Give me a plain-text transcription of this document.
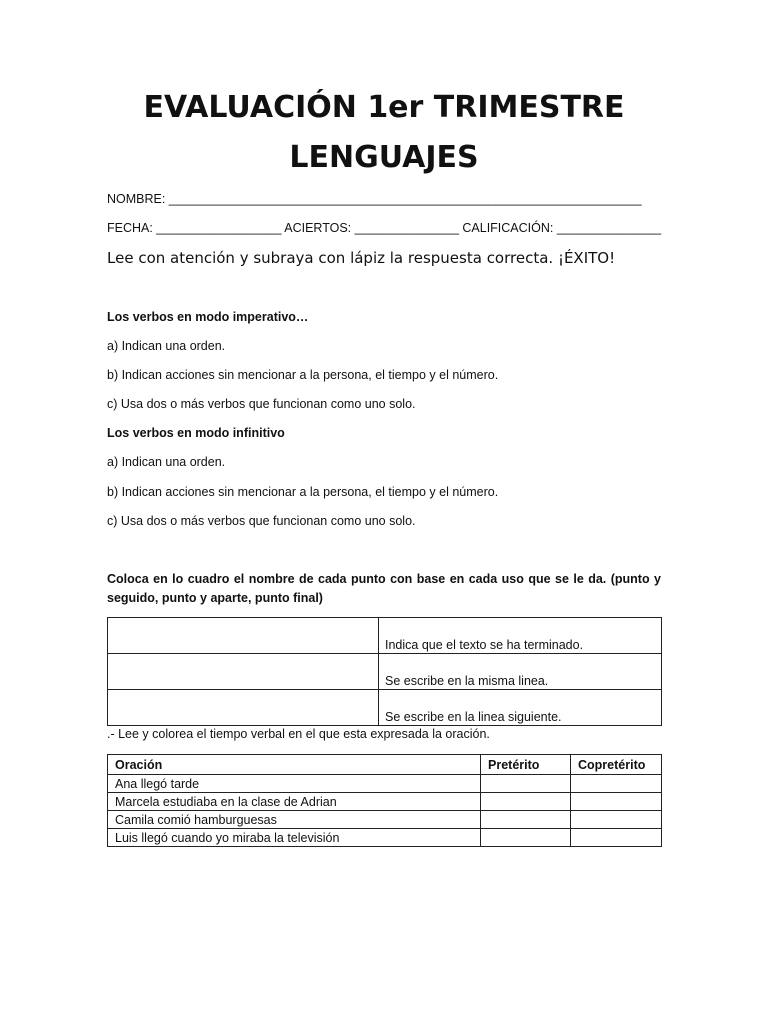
EVALUACIÓN 1er TRIMESTRE
LENGUAJES
NOMBRE: ____________________________________________________________________
FECHA: __________________ ACIERTOS: _______________ CALIFICACIÓN: _______________
Lee con atención y subraya con lápiz la respuesta correcta. ¡ÉXITO!
Los verbos en modo imperativo…
a) Indican una orden.
b) Indican acciones sin mencionar a la persona, el tiempo y el número.
c) Usa dos o más verbos que funcionan como uno solo.
Los verbos en modo infinitivo
a) Indican una orden.
b) Indican acciones sin mencionar a la persona, el tiempo y el número.
c) Usa dos o más verbos que funcionan como uno solo.
Coloca en lo cuadro el nombre de cada punto con base en cada uso que se le da. (punto y seguido, punto y aparte, punto final)
	Indica que el texto se ha terminado.
	Se escribe en la misma linea.
	Se escribe en la linea siguiente.
.- Lee y colorea el tiempo verbal en el que esta expresada la oración.
Oración	Pretérito	Copretérito
Ana llegó tarde		
Marcela estudiaba en la clase de Adrian		
Camila comió hamburguesas		
Luis llegó cuando yo miraba la televisión		
